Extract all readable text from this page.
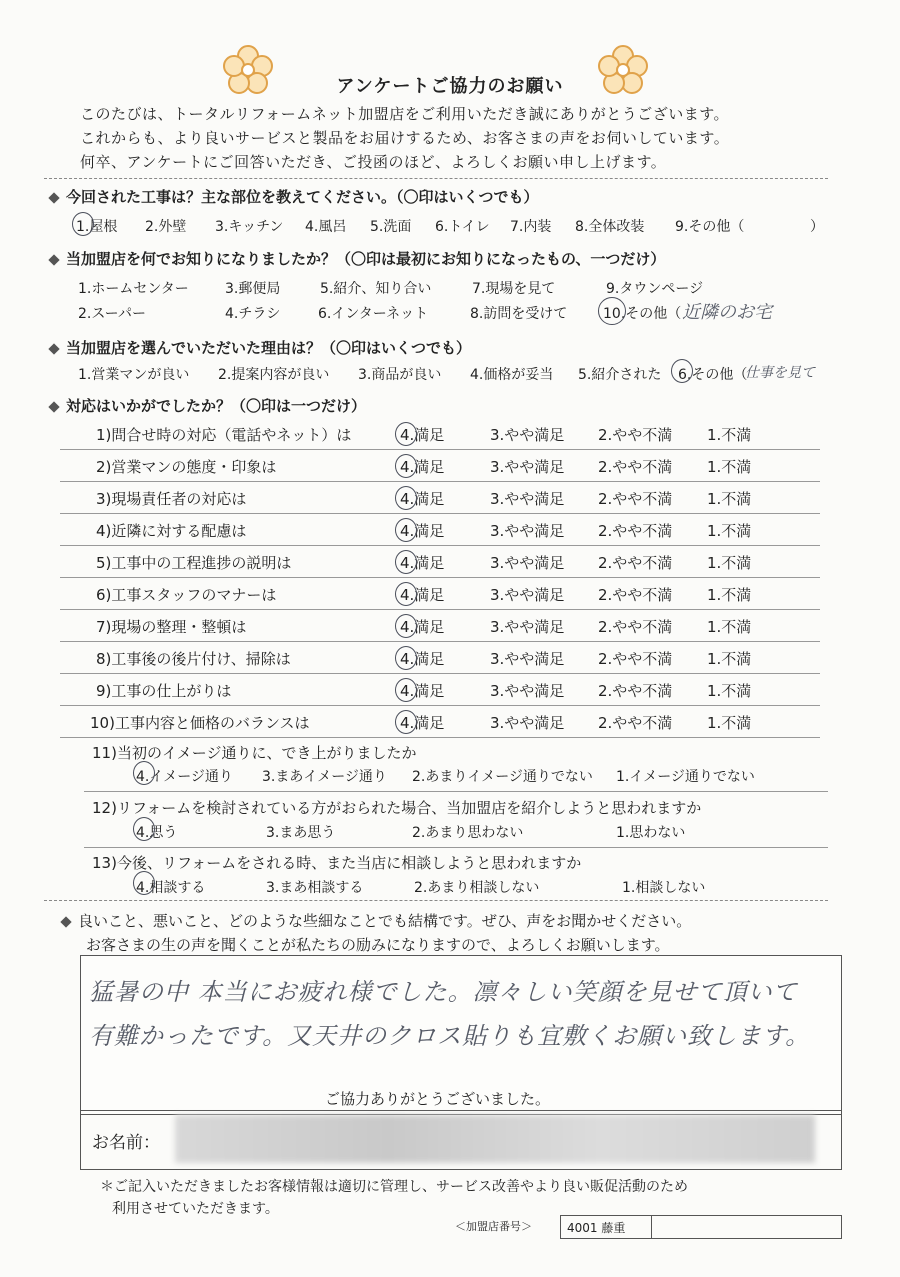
アンケートご協力のお願い
このたびは、トータルリフォームネット加盟店をご利用いただき誠にありがとうございます。
これからも、より良いサービスと製品をお届けするため、お客さまの声をお伺いしています。
何卒、アンケートにご回答いただき、ご投函のほど、よろしくお願い申し上げます。
今回された工事は？主な部位を教えてください。（〇印はいくつでも）
1.屋根 2.外壁 3.キッチン 4.風呂 5.洗面 6.トイレ 7.内装 8.全体改装 9.その他（	）
当加盟店を何でお知りになりましたか？（〇印は最初にお知りになったもの、一つだけ）
1.ホームセンター	3.郵便局	5.紹介、知り合い	7.現場を見て	9.タウンページ
2.スーパー	4.チラシ	6.インターネット	8.訪問を受けて	10.その他（ 近隣のお宅
当加盟店を選んでいただいた理由は？（〇印はいくつでも）
1.営業マンが良い 2.提案内容が良い 3.商品が良い 4.価格が妥当 5.紹介された 6.その他（
仕事を見て
対応はいかがでしたか？（〇印は一つだけ）
1)問合せ時の対応（電話やネット）は	4.満足	3.やや満足 2.やや不満 1.不満
2)営業マンの態度・印象は	4.満足	3.やや満足 2.やや不満 1.不満
3)現場責任者の対応は	4.満足	3.やや満足 2.やや不満 1.不満
4)近隣に対する配慮は	4.満足	3.やや満足 2.やや不満 1.不満
5)工事中の工程進捗の説明は	4.満足	3.やや満足 2.やや不満 1.不満
6)工事スタッフのマナーは	4.満足	3.やや満足 2.やや不満 1.不満
7)現場の整理・整頓は	4.満足	3.やや満足 2.やや不満 1.不満
8)工事後の後片付け、掃除は	4.満足	3.やや満足 2.やや不満 1.不満
9)工事の仕上がりは	4.満足	3.やや満足 2.やや不満 1.不満
10)工事内容と価格のバランスは	4.満足	3.やや満足 2.やや不満 1.不満
11)当初のイメージ通りに、でき上がりましたか
4.イメージ通り 3.まあイメージ通り 2.あまりイメージ通りでない 1.イメージ通りでない
12)リフォームを検討されている方がおられた場合、当加盟店を紹介しようと思われますか
4.思う	3.まあ思う	2.あまり思わない	1.思わない
13)今後、リフォームをされる時、また当店に相談しようと思われますか
4.相談する	3.まあ相談する	2.あまり相談しない	1.相談しない
良いこと、悪いこと、どのような些細なことでも結構です。ぜひ、声をお聞かせください。
お客さまの生の声を聞くことが私たちの励みになりますので、よろしくお願いします。
猛暑の中 本当にお疲れ様でした。凛々しい笑顔を見せて頂いて
有難かったです。又天井のクロス貼りも宜敷くお願い致します。
ご協力ありがとうございました。
お名前：
＊ご記入いただきましたお客様情報は適切に管理し、サービス改善やより良い販促活動のため
利用させていただきます。
＜加盟店番号＞	4001 藤重
